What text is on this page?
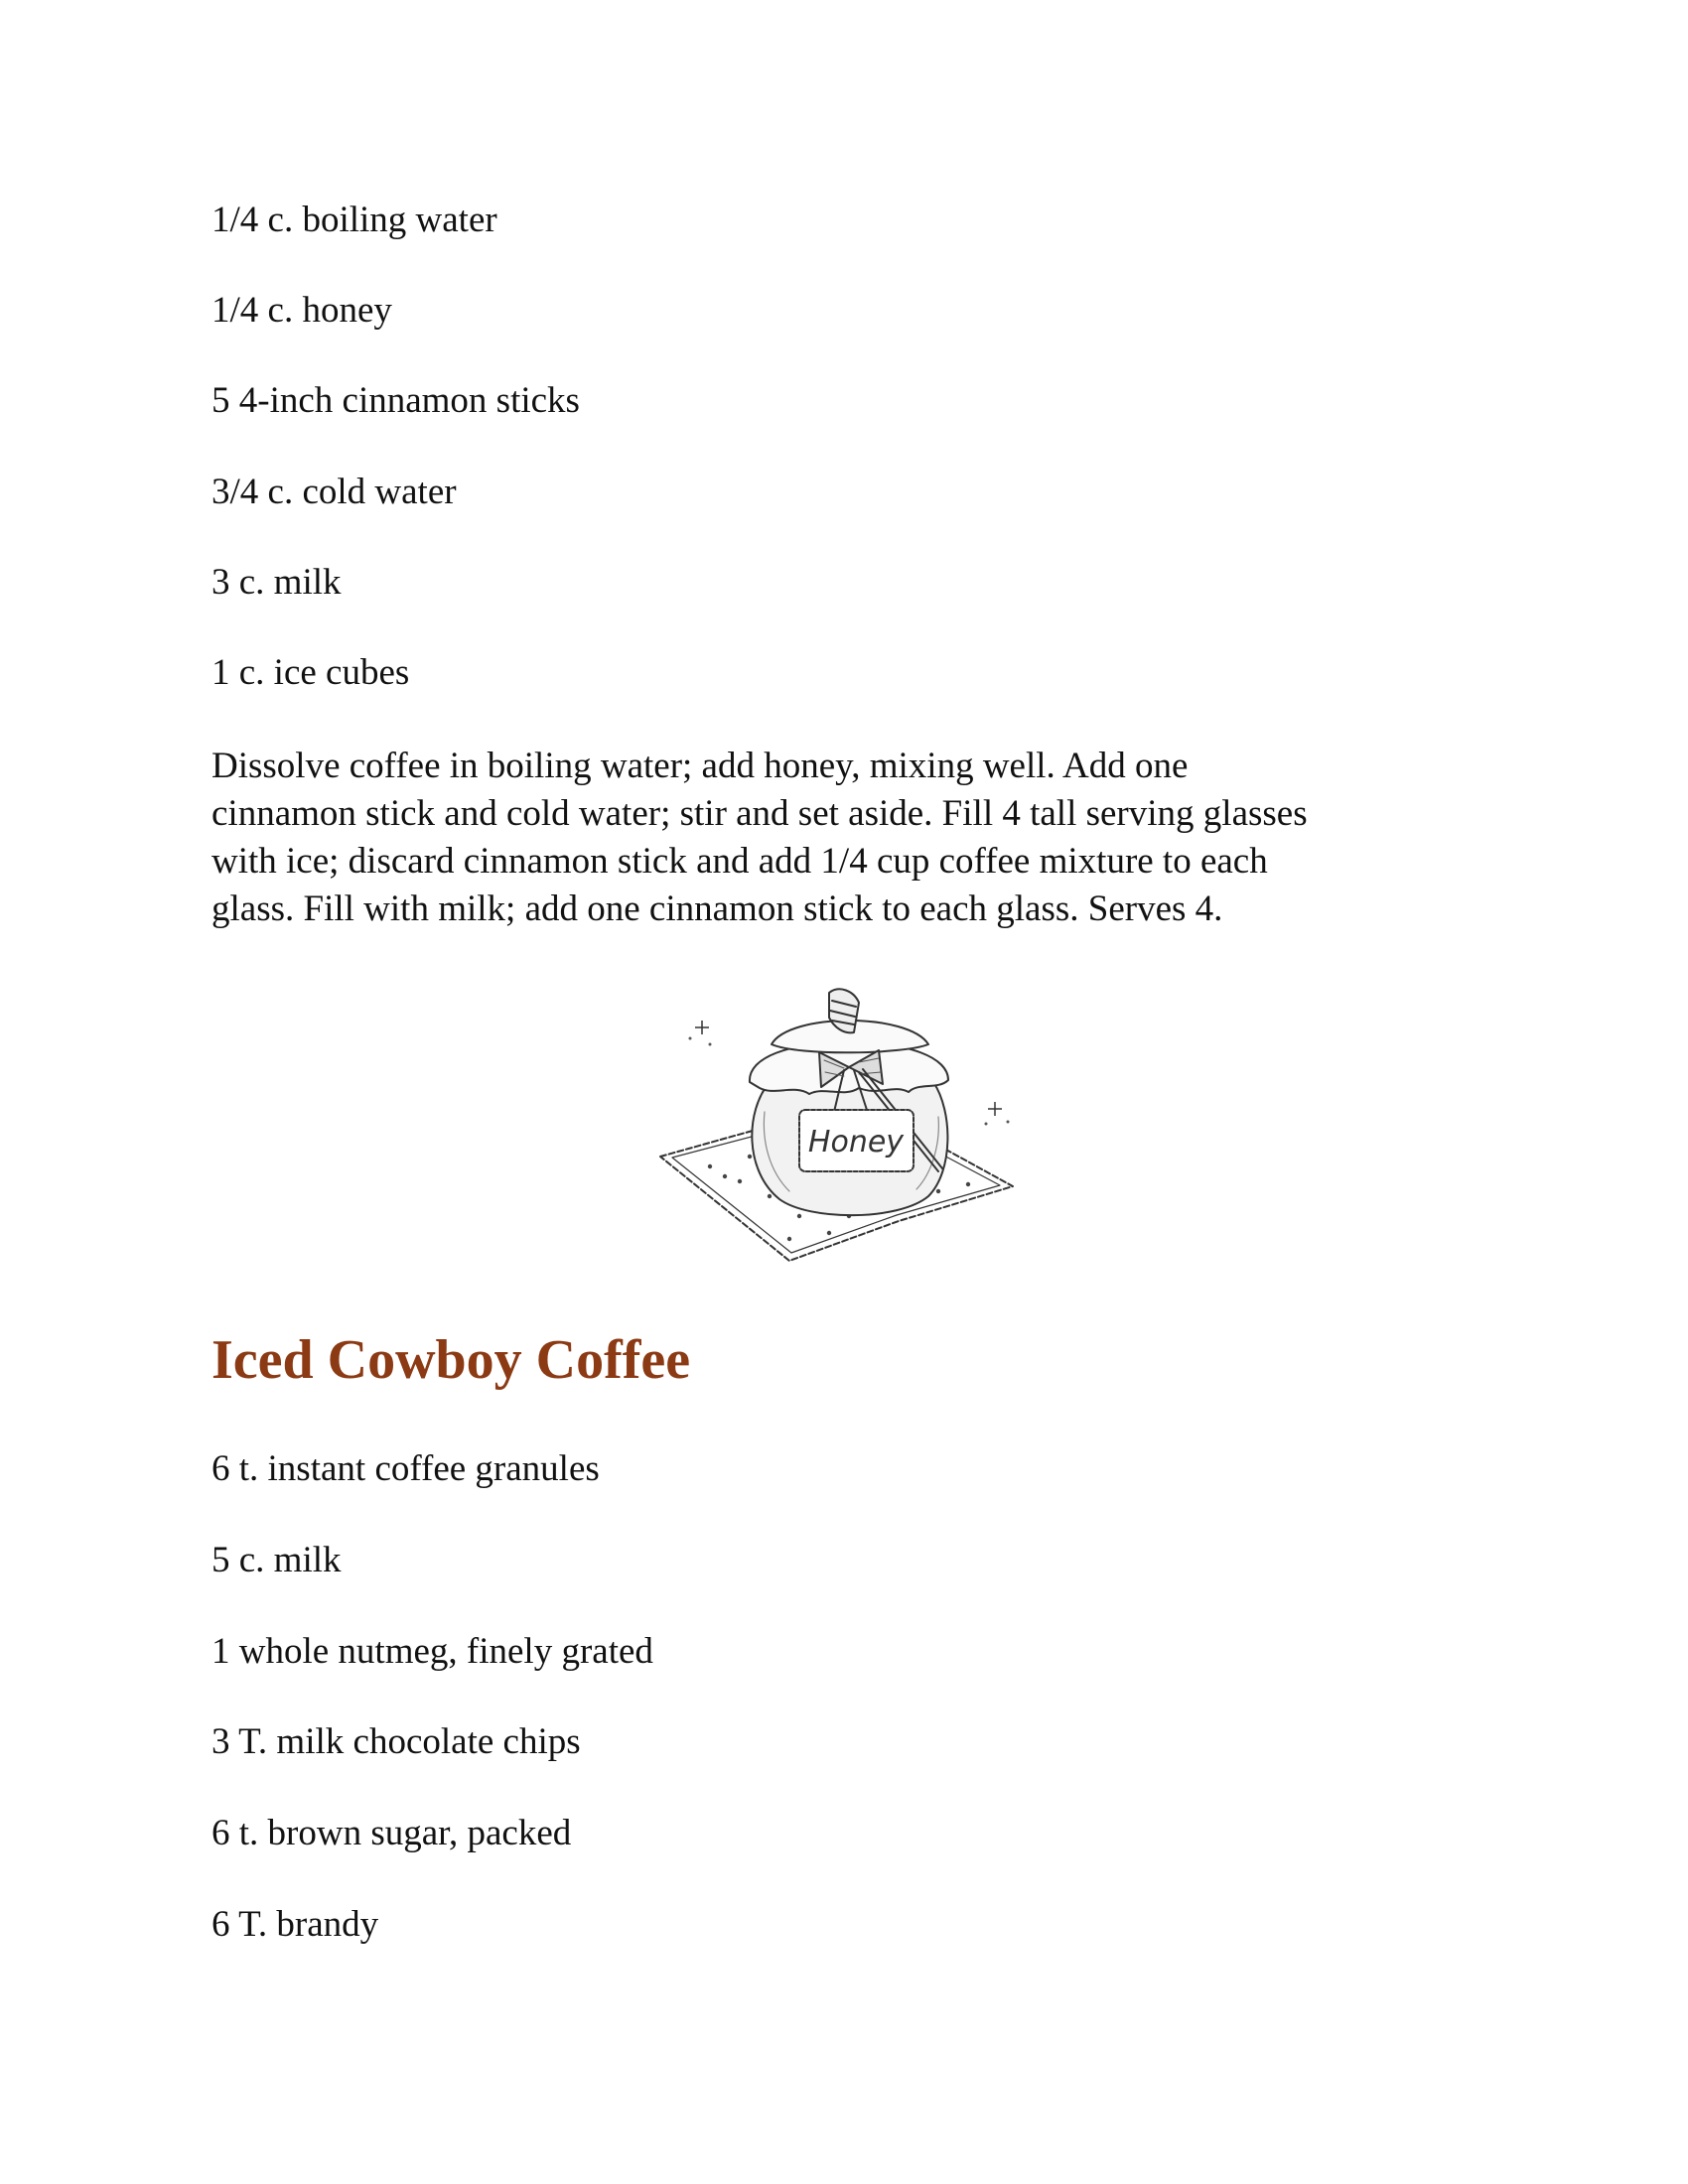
1/4 c. boiling water
1/4 c. honey
5 4-inch cinnamon sticks
3/4 c. cold water
3 c. milk
1 c. ice cubes
Dissolve coffee in boiling water; add honey, mixing well. Add one
cinnamon stick and cold water; stir and set aside. Fill 4 tall serving glasses
with ice; discard cinnamon stick and add 1/4 cup coffee mixture to each
glass. Fill with milk; add one cinnamon stick to each glass. Serves 4.
Iced Cowboy Coffee
6 t. instant coffee granules
5 c. milk
1 whole nutmeg, finely grated
3 T. milk chocolate chips
6 t. brown sugar, packed
6 T. brandy
Honey
